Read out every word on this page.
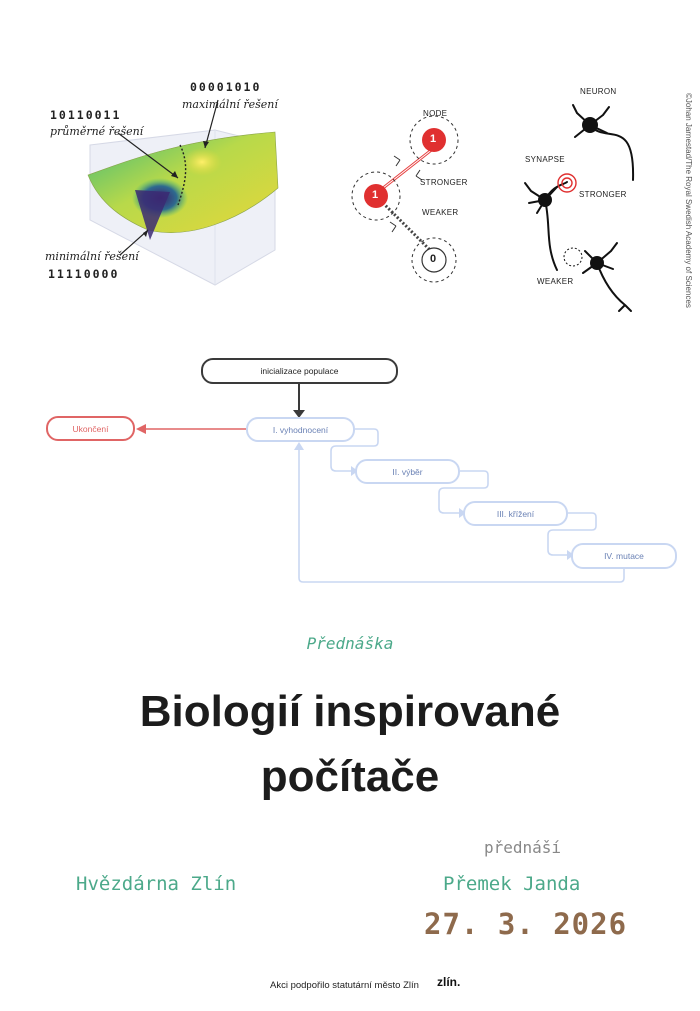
10110011
průměrné řešení
00001010
maximální řešení
minimální řešení
11110000
NODE
1
1
0
STRONGER
WEAKER
NEURON
SYNAPSE
STRONGER
WEAKER	©Johan Jarnestad/The Royal Swedish Academy of Sciences
inicializace populace
Ukončení	I. vyhodnocení
II. výběr
III. křížení
IV. mutace
Přednáška
Biologií inspirované
počítače
přednáší
Hvězdárna Zlín	Přemek Janda
27. 3. 2026
Akci podpořilo statutární město Zlín zlín.
